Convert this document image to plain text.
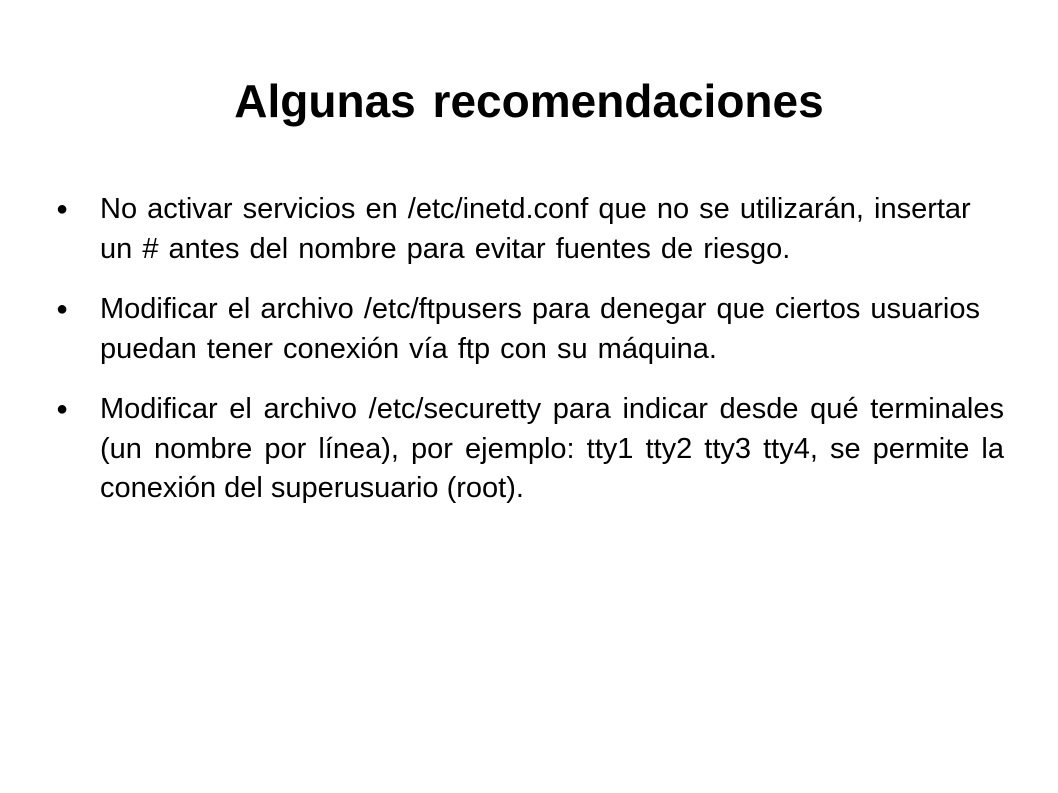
Algunas recomendaciones
● No activar servicios en /etc/inetd.conf que no se utilizarán, insertar un # antes del nombre para evitar fuentes de riesgo.
● Modificar el archivo /etc/ftpusers para denegar que ciertos usuarios puedan tener conexión vía ftp con su máquina.
● Modificar el archivo /etc/securetty para indicar desde qué terminales (un nombre por línea), por ejemplo: tty1 tty2 tty3 tty4, se permite la conexión del superusuario (root).
